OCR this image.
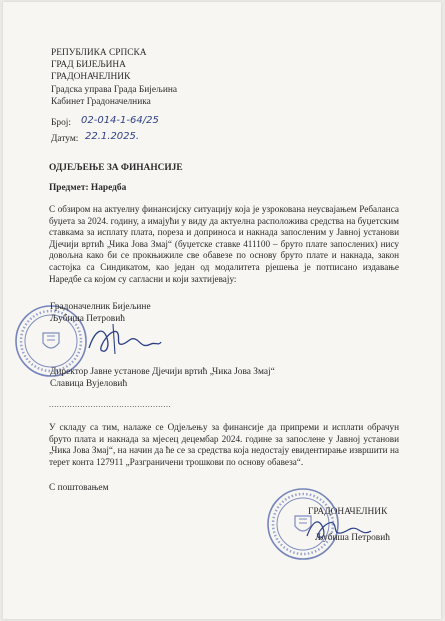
РЕПУБЛИКА СРПСКА
ГРАД БИЈЕЉИНА
ГРАДОНАЧЕЛНИК
Градска управа Града Бијељина
Кабинет Градоначелника
Број: 02-014-1-64/25
Датум: 22.1.2025.
ОДЈЕЉЕЊЕ ЗА ФИНАНСИЈЕ
Предмет: Наредба
С обзиром на актуелну финансијску ситуацију која је узрокована неусвајањем Ребаланса буџета за 2024. годину, а имајући у виду да актуелна расположива средства на буџетским ставкама за исплату плата, пореза и доприноса и накнада запосленим у Јавној установи Дјечији вртић „Чика Јова Змај“ (буџетске ставке 411100 – бруто плате запослених) нису довољна како би се прокњижиле све обавезе по основу бруто плате и накнада, закон састојка са Синдикатом, као један од модалитета рјешења је потписано издавање Наредбе са којом су сагласни и који захтијевају:
Градоначелник Бијељине
Љубиша Петровић
Директор Јавне установе Дјечији вртић „Чика Јова Змај“
Славица Вујеловић
...............................................
У складу са тим, налаже се Одјељењу за финансије да припреми и исплати обрачун бруто плата и накнада за мјесец децембар 2024. године за запослене у Јавној установи „Чика Јова Змај“, на начин да ће се за средства која недостају евидентирање извршити на терет конта 127911 „Разграничени трошкови по основу обавеза“.
С поштовањем
ГРАДОНАЧЕЛНИК
Љубиша Петровић
